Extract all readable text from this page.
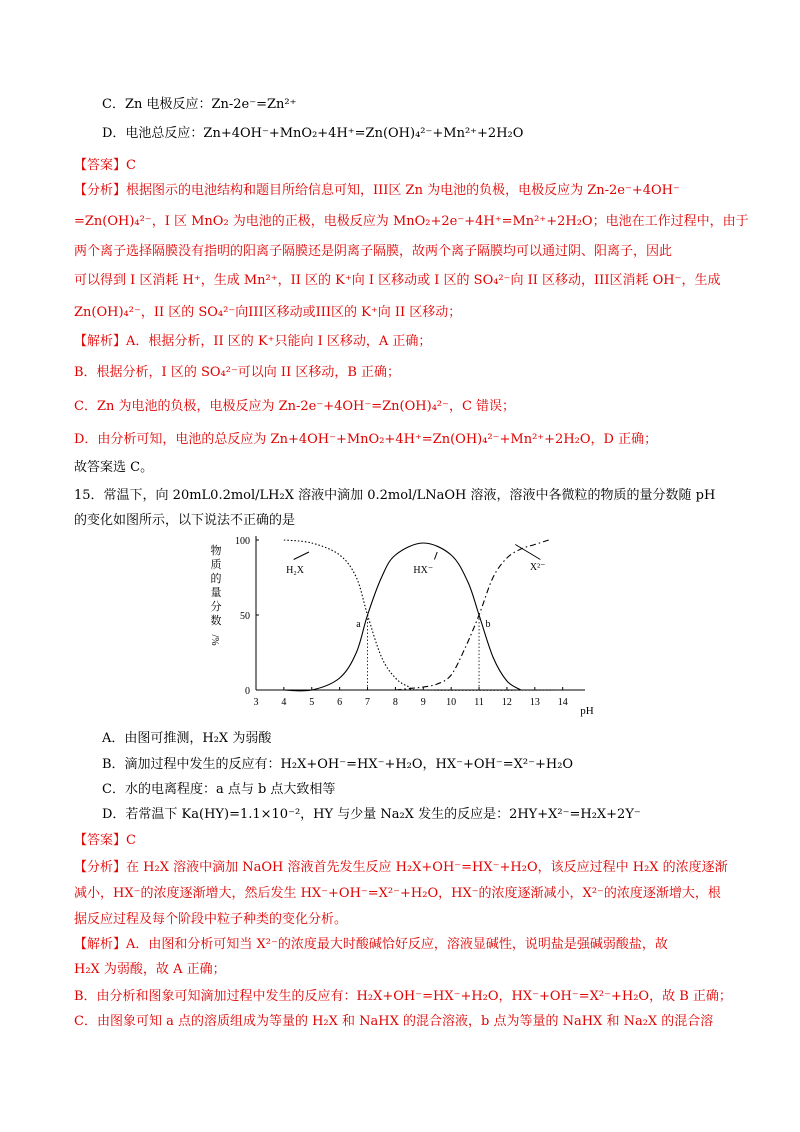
C．Zn 电极反应：Zn-2e⁻=Zn²⁺
D．电池总反应：Zn+4OH⁻+MnO₂+4H⁺=Zn(OH)₄²⁻+Mn²⁺+2H₂O
【答案】C
【分析】根据图示的电池结构和题目所给信息可知，III区 Zn 为电池的负极，电极反应为 Zn-2e⁻+4OH⁻
=Zn(OH)₄²⁻，I 区 MnO₂ 为电池的正极，电极反应为 MnO₂+2e⁻+4H⁺=Mn²⁺+2H₂O；电池在工作过程中，由于
两个离子选择隔膜没有指明的阳离子隔膜还是阴离子隔膜，故两个离子隔膜均可以通过阴、阳离子，因此
可以得到 I 区消耗 H⁺，生成 Mn²⁺，II 区的 K⁺向 I 区移动或 I 区的 SO₄²⁻向 II 区移动，III区消耗 OH⁻，生成
Zn(OH)₄²⁻，II 区的 SO₄²⁻向III区移动或III区的 K⁺向 II 区移动；
【解析】A．根据分析，II 区的 K⁺只能向 I 区移动，A 正确；
B．根据分析，I 区的 SO₄²⁻可以向 II 区移动，B 正确；
C．Zn 为电池的负极，电极反应为 Zn-2e⁻+4OH⁻=Zn(OH)₄²⁻，C 错误；
D．由分析可知，电池的总反应为 Zn+4OH⁻+MnO₂+4H⁺=Zn(OH)₄²⁻+Mn²⁺+2H₂O，D 正确；
故答案选 C。
15．常温下，向 20mL0.2mol/LH₂X 溶液中滴加 0.2mol/LNaOH 溶液，溶液中各微粒的物质的量分数随 pH
的变化如图所示，以下说法不正确的是
3 4 5 6 7 8 9 10 11 12 13 14
pH
0
50
100
物
质
的
量
分
数
/%
H₂X	HX⁻	X²⁻
a	b
A．由图可推测，H₂X 为弱酸
B．滴加过程中发生的反应有：H₂X+OH⁻=HX⁻+H₂O，HX⁻+OH⁻=X²⁻+H₂O
C．水的电离程度：a 点与 b 点大致相等
D．若常温下 Ka(HY)=1.1×10⁻²，HY 与少量 Na₂X 发生的反应是：2HY+X²⁻=H₂X+2Y⁻
【答案】C
【分析】在 H₂X 溶液中滴加 NaOH 溶液首先发生反应 H₂X+OH⁻=HX⁻+H₂O，该反应过程中 H₂X 的浓度逐渐
减小，HX⁻的浓度逐渐增大，然后发生 HX⁻+OH⁻=X²⁻+H₂O，HX⁻的浓度逐渐减小，X²⁻的浓度逐渐增大，根
据反应过程及每个阶段中粒子种类的变化分析。
【解析】A．由图和分析可知当 X²⁻的浓度最大时酸碱恰好反应，溶液显碱性，说明盐是强碱弱酸盐，故
H₂X 为弱酸，故 A 正确；
B．由分析和图象可知滴加过程中发生的反应有：H₂X+OH⁻=HX⁻+H₂O，HX⁻+OH⁻=X²⁻+H₂O，故 B 正确；
C．由图象可知 a 点的溶质组成为等量的 H₂X 和 NaHX 的混合溶液，b 点为等量的 NaHX 和 Na₂X 的混合溶
